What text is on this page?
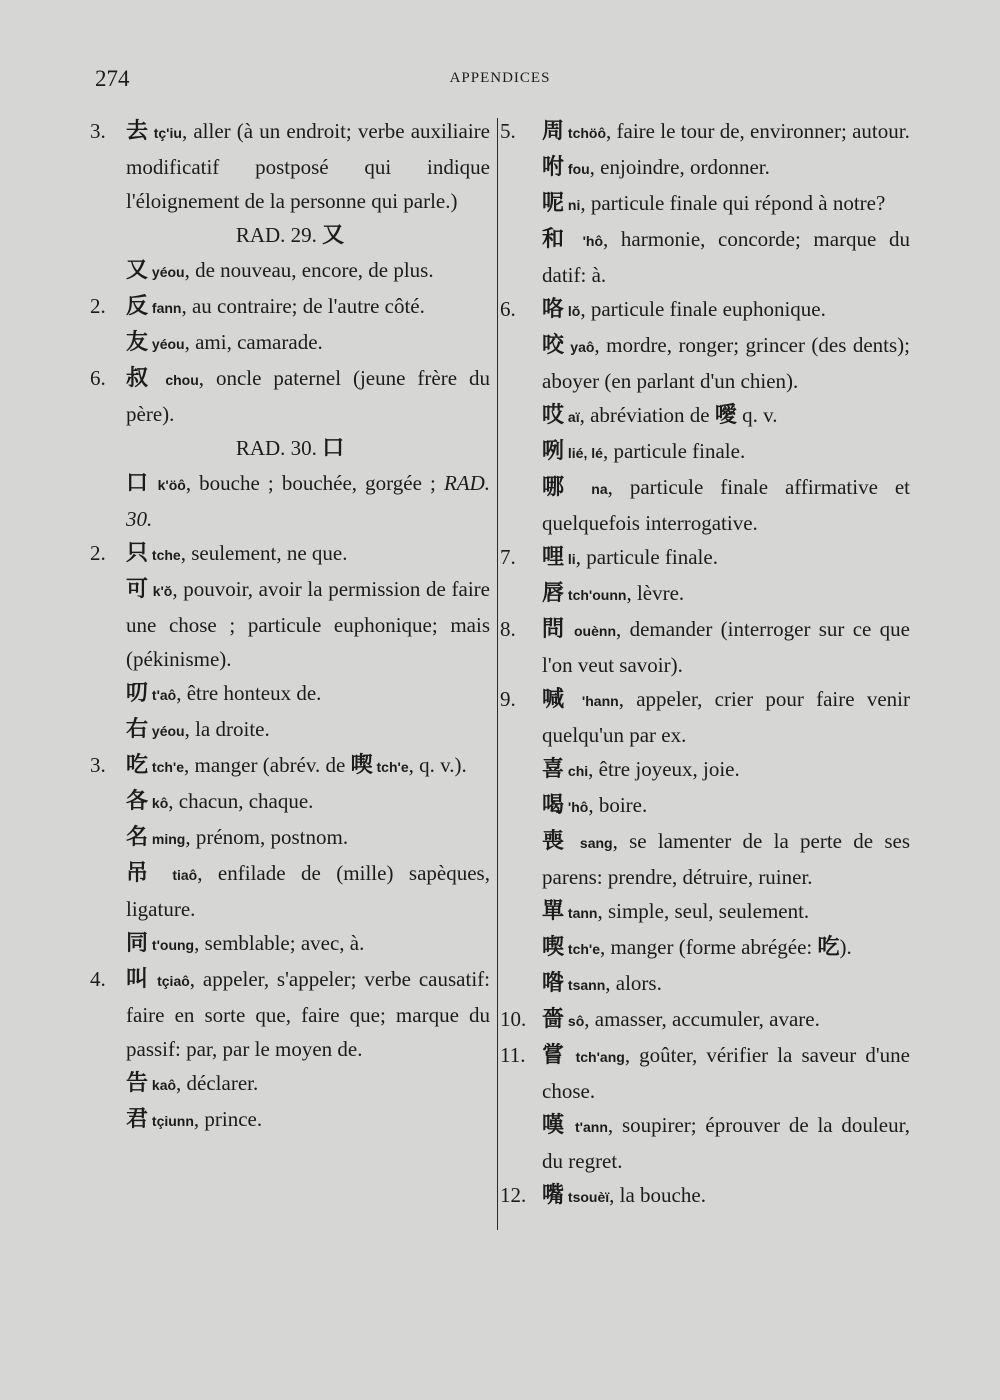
274	APPENDICES
3. 去 tç'iu, aller (à un endroit; verbe auxiliaire modificatif postposé qui indique l'éloignement de la personne qui parle.)
RAD. 29. 又
又 yéou, de nouveau, encore, de plus.
2. 反 fann, au contraire; de l'autre côté.
友 yéou, ami, camarade.
6. 叔 chou, oncle paternel (jeune frère du père).
RAD. 30. 口
口 k'öô, bouche ; bouchée, gorgée ; RAD. 30.
2. 只 tche, seulement, ne que.
可 k'ŏ, pouvoir, avoir la permission de faire une chose ; particule euphonique; mais (pékinisme).
叨 t'aô, être honteux de.
右 yéou, la droite.
3. 吃 tch'e, manger (abrév. de 喫 tch'e, q. v.).
各 kô, chacun, chaque.
名 ming, prénom, postnom.
吊 tiaô, enfilade de (mille) sapèques, ligature.
同 t'oung, semblable; avec, à.
4. 叫 tçiaô, appeler, s'appeler; verbe causatif: faire en sorte que, faire que; marque du passif: par, par le moyen de.
告 kaô, déclarer.
君 tçiunn, prince.
5. 周 tchöô, faire le tour de, environner; autour.
咐 fou, enjoindre, ordonner.
呢 ni, particule finale qui répond à notre?
和 'hô, harmonie, concorde; marque du datif: à.
6. 咯 lŏ, particule finale euphonique.
咬 yaô, mordre, ronger; grincer (des dents); aboyer (en parlant d'un chien).
哎 aï, abréviation de 噯 q. v.
咧 lié, lé, particule finale.
哪 na, particule finale affirmative et quelquefois interrogative.
7. 哩 li, particule finale.
唇 tch'ounn, lèvre.
8. 問 ouènn, demander (interroger sur ce que l'on veut savoir).
9. 喊 'hann, appeler, crier pour faire venir quelqu'un par ex.
喜 chi, être joyeux, joie.
喝 'hô, boire.
喪 sang, se lamenter de la perte de ses parens: prendre, détruire, ruiner.
單 tann, simple, seul, seulement.
喫 tch'e, manger (forme abrégée: 吃).
喒 tsann, alors.
10. 嗇 sô, amasser, accumuler, avare.
11. 嘗 tch'ang, goûter, vérifier la saveur d'une chose.
嘆 t'ann, soupirer; éprouver de la douleur, du regret.
12. 嘴 tsouèï, la bouche.
